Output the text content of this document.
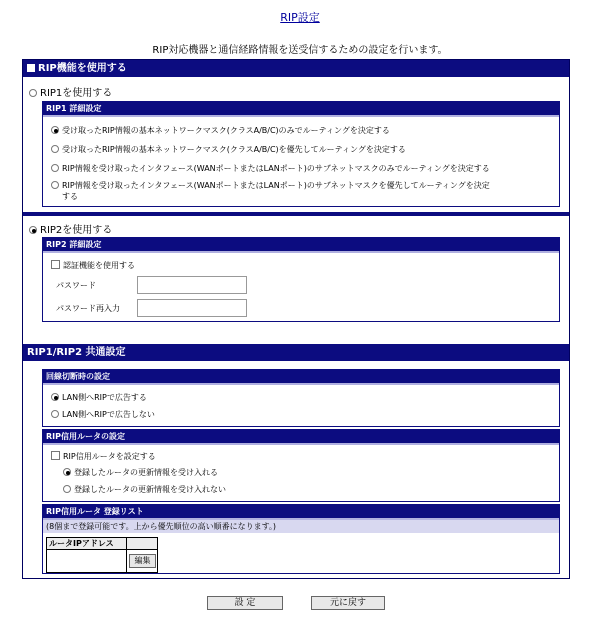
RIP設定
RIP対応機器と通信経路情報を送受信するための設定を行います。
RIP機能を使用する
RIP1を使用する
RIP1 詳細設定
受け取ったRIP情報の基本ネットワークマスク(クラスA/B/C)のみでルーティングを決定する
受け取ったRIP情報の基本ネットワークマスク(クラスA/B/C)を優先してルーティングを決定する
RIP情報を受け取ったインタフェース(WANポートまたはLANポート)のサブネットマスクのみでルーティングを決定する
RIP情報を受け取ったインタフェース(WANポートまたはLANポート)のサブネットマスクを優先してルーティングを決定
する
RIP2を使用する
RIP2 詳細設定
認証機能を使用する
パスワード
パスワード再入力
RIP1/RIP2 共通設定
回線切断時の設定
LAN側へRIPで広告する
LAN側へRIPで広告しない
RIP信用ルータの設定
RIP信用ルータを設定する
登録したルータの更新情報を受け入れる
登録したルータの更新情報を受け入れない
RIP信用ルータ 登録リスト
(8個まで登録可能です。上から優先順位の高い順番になります。)
ルータIPアドレス
編集
設 定	元に戻す
